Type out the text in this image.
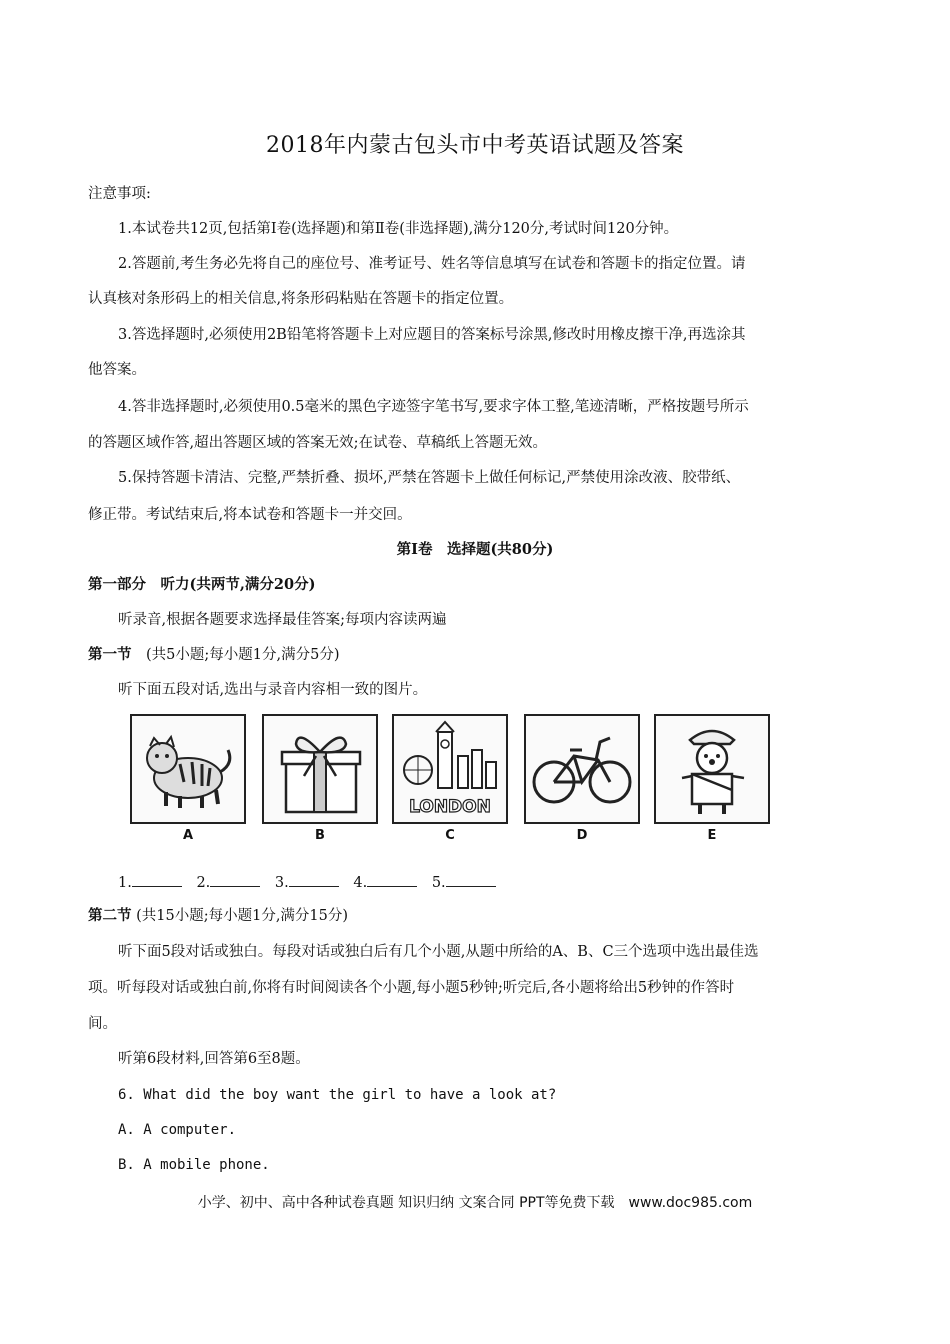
2018年内蒙古包头市中考英语试题及答案
注意事项:
1.本试卷共12页,包括第Ⅰ卷(选择题)和第Ⅱ卷(非选择题),满分120分,考试时间120分钟。
2.答题前,考生务必先将自己的座位号、准考证号、姓名等信息填写在试卷和答题卡的指定位置。请
认真核对条形码上的相关信息,将条形码粘贴在答题卡的指定位置。
3.答选择题时,必须使用2B铅笔将答题卡上对应题目的答案标号涂黑,修改时用橡皮擦干净,再选涂其
他答案。
4.答非选择题时,必须使用0.5毫米的黑色字迹签字笔书写,要求字体工整,笔迹清晰，严格按题号所示
的答题区域作答,超出答题区域的答案无效;在试卷、草稿纸上答题无效。
5.保持答题卡清洁、完整,严禁折叠、损坏,严禁在答题卡上做任何标记,严禁使用涂改液、胶带纸、
修正带。考试结束后,将本试卷和答题卡一并交回。
第Ⅰ卷　选择题(共80分)
第一部分　听力(共两节,满分20分)
听录音,根据各题要求选择最佳答案;每项内容读两遍
第一节　(共5小题;每小题1分,满分5分)
听下面五段对话,选出与录音内容相一致的图片。
A	B
LONDON
C	D	E
1.	2.	3.	4.	5.
第二节 (共15小题;每小题1分,满分15分)
听下面5段对话或独白。每段对话或独白后有几个小题,从题中所给的A、B、C三个选项中选出最佳选
项。听每段对话或独白前,你将有时间阅读各个小题,每小题5秒钟;听完后,各小题将给出5秒钟的作答时
间。
听第6段材料,回答第6至8题。
6. What did the boy want the girl to have a look at?
A. A computer.
B. A mobile phone.
小学、初中、高中各种试卷真题 知识归纳 文案合同 PPT等免费下载　www.doc985.com
